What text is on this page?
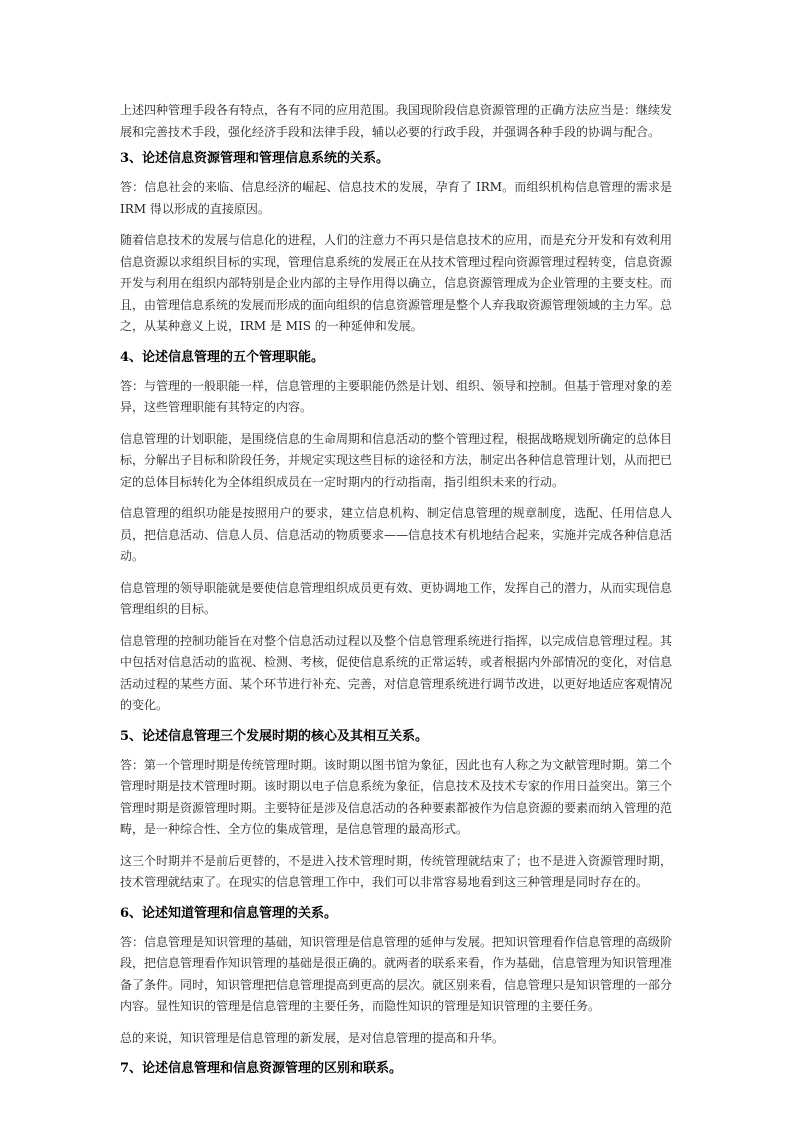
上述四种管理手段各有特点，各有不同的应用范围。我国现阶段信息资源管理的正确方法应当是：继续发展和完善技术手段，强化经济手段和法律手段，辅以必要的行政手段，并强调各种手段的协调与配合。

3、论述信息资源管理和管理信息系统的关系。

答：信息社会的来临、信息经济的崛起、信息技术的发展，孕育了 IRM。而组织机构信息管理的需求是 IRM 得以形成的直接原因。

随着信息技术的发展与信息化的进程，人们的注意力不再只是信息技术的应用，而是充分开发和有效利用信息资源以求组织目标的实现，管理信息系统的发展正在从技术管理过程向资源管理过程转变，信息资源开发与利用在组织内部特别是企业内部的主导作用得以确立，信息资源管理成为企业管理的主要支柱。而且，由管理信息系统的发展而形成的面向组织的信息资源管理是整个人弃我取资源管理领域的主力军。总之，从某种意义上说，IRM 是 MIS 的一种延伸和发展。

4、论述信息管理的五个管理职能。

答：与管理的一般职能一样，信息管理的主要职能仍然是计划、组织、领导和控制。但基于管理对象的差异，这些管理职能有其特定的内容。

信息管理的计划职能，是围绕信息的生命周期和信息活动的整个管理过程，根据战略规划所确定的总体目标，分解出子目标和阶段任务，并规定实现这些目标的途径和方法，制定出各种信息管理计划，从而把已定的总体目标转化为全体组织成员在一定时期内的行动指南，指引组织未来的行动。

信息管理的组织功能是按照用户的要求，建立信息机构、制定信息管理的规章制度，选配、任用信息人员，把信息活动、信息人员、信息活动的物质要求——信息技术有机地结合起来，实施并完成各种信息活动。

信息管理的领导职能就是要使信息管理组织成员更有效、更协调地工作，发挥自己的潜力，从而实现信息管理组织的目标。

信息管理的控制功能旨在对整个信息活动过程以及整个信息管理系统进行指挥，以完成信息管理过程。其中包括对信息活动的监视、检测、考核，促使信息系统的正常运转，或者根据内外部情况的变化，对信息活动过程的某些方面、某个环节进行补充、完善，对信息管理系统进行调节改进，以更好地适应客观情况的变化。

5、论述信息管理三个发展时期的核心及其相互关系。

答：第一个管理时期是传统管理时期。该时期以图书馆为象征，因此也有人称之为文献管理时期。第二个管理时期是技术管理时期。该时期以电子信息系统为象征，信息技术及技术专家的作用日益突出。第三个管理时期是资源管理时期。主要特征是涉及信息活动的各种要素都被作为信息资源的要素而纳入管理的范畴，是一种综合性、全方位的集成管理，是信息管理的最高形式。

这三个时期并不是前后更替的，不是进入技术管理时期，传统管理就结束了；也不是进入资源管理时期，技术管理就结束了。在现实的信息管理工作中，我们可以非常容易地看到这三种管理是同时存在的。

6、论述知道管理和信息管理的关系。

答：信息管理是知识管理的基础，知识管理是信息管理的延伸与发展。把知识管理看作信息管理的高级阶段，把信息管理看作知识管理的基础是很正确的。就两者的联系来看，作为基础，信息管理为知识管理准备了条件。同时，知识管理把信息管理提高到更高的层次。就区别来看，信息管理只是知识管理的一部分内容。显性知识的管理是信息管理的主要任务，而隐性知识的管理是知识管理的主要任务。

总的来说，知识管理是信息管理的新发展，是对信息管理的提高和升华。

7、论述信息管理和信息资源管理的区别和联系。
